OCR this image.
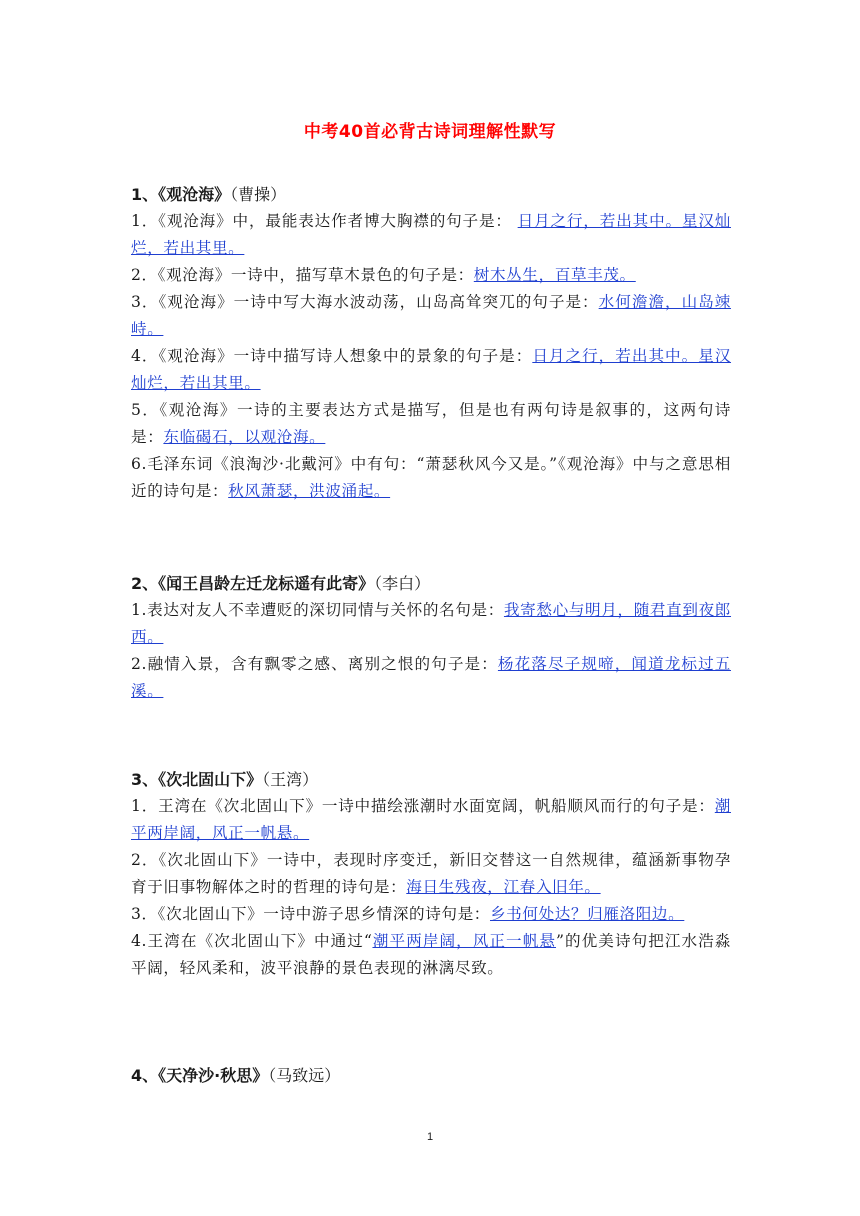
中考40首必背古诗词理解性默写
1、《观沧海》（曹操）
1．《观沧海》中，最能表达作者博大胸襟的句子是： 日月之行，若出其中。星汉灿烂，若出其里。
2．《观沧海》一诗中，描写草木景色的句子是：树木丛生，百草丰茂。
3．《观沧海》一诗中写大海水波动荡，山岛高耸突兀的句子是：水何澹澹，山岛竦峙。
4．《观沧海》一诗中描写诗人想象中的景象的句子是：日月之行，若出其中。星汉灿烂，若出其里。
5．《观沧海》一诗的主要表达方式是描写，但是也有两句诗是叙事的，这两句诗是：东临碣石，以观沧海。
6.毛泽东词《浪淘沙·北戴河》中有句：“萧瑟秋风今又是。”《观沧海》中与之意思相近的诗句是：秋风萧瑟，洪波涌起。
2、《闻王昌龄左迁龙标遥有此寄》（李白）
1.表达对友人不幸遭贬的深切同情与关怀的名句是：我寄愁心与明月，随君直到夜郎西。
2.融情入景，含有飘零之感、离别之恨的句子是：杨花落尽子规啼，闻道龙标过五溪。
3、《次北固山下》（王湾）
1．王湾在《次北固山下》一诗中描绘涨潮时水面宽阔，帆船顺风而行的句子是：潮平两岸阔，风正一帆悬。
2．《次北固山下》一诗中，表现时序变迁，新旧交替这一自然规律，蕴涵新事物孕育于旧事物解体之时的哲理的诗句是：海日生残夜，江春入旧年。
3．《次北固山下》一诗中游子思乡情深的诗句是：乡书何处达？归雁洛阳边。
4.王湾在《次北固山下》中通过“潮平两岸阔，风正一帆悬”的优美诗句把江水浩淼平阔，轻风柔和，波平浪静的景色表现的淋漓尽致。
4、《天净沙·秋思》（马致远）
1
